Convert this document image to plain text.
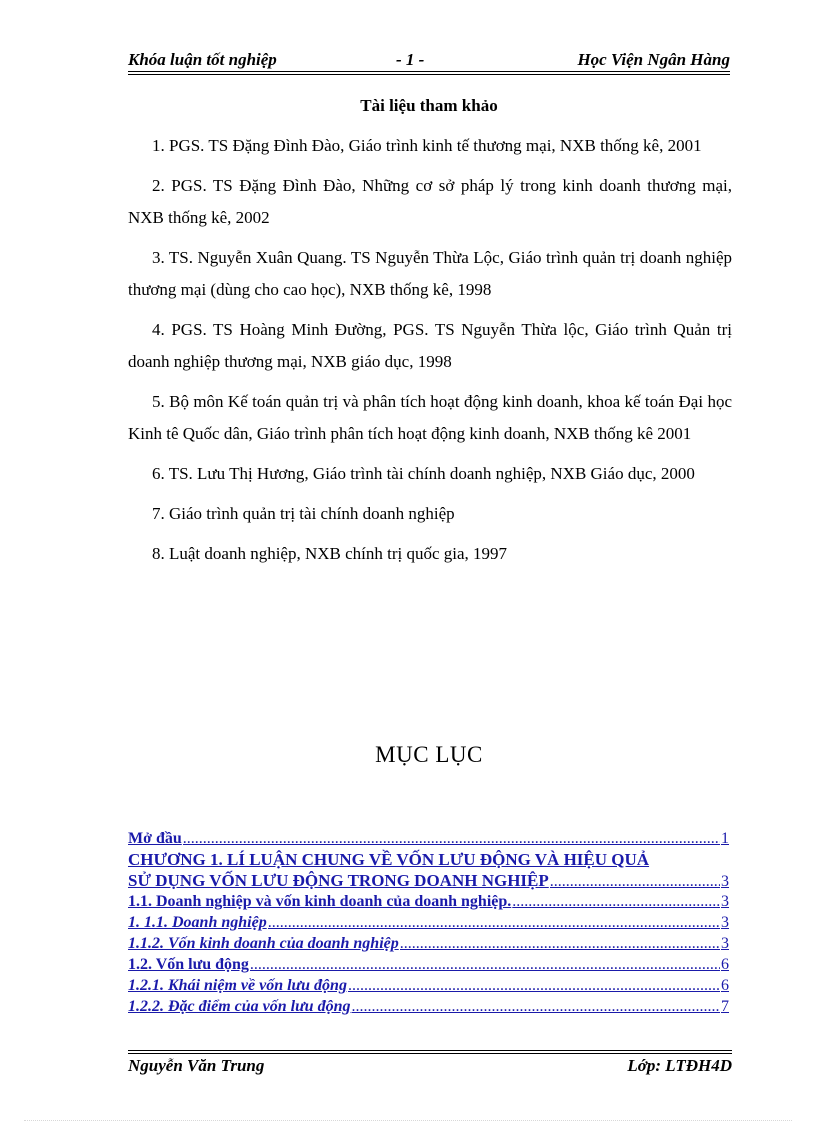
Khóa luận tốt nghiệp	- 1 -	Học Viện Ngân Hàng
Tài liệu tham khảo

1. PGS. TS Đặng Đình Đào, Giáo trình kinh tế thương mại, NXB thống kê, 2001

2. PGS. TS Đặng Đình Đào, Những cơ sở pháp lý trong kinh doanh thương mại, NXB thống kê, 2002

3. TS. Nguyễn Xuân Quang. TS Nguyễn Thừa Lộc, Giáo trình quản trị doanh nghiệp thương mại (dùng cho cao học), NXB thống kê, 1998

4. PGS. TS Hoàng Minh Đường, PGS. TS Nguyễn Thừa lộc, Giáo trình Quản trị doanh nghiệp thương mại, NXB giáo dục, 1998

5. Bộ môn Kế toán quản trị và phân tích hoạt động kinh doanh, khoa kế toán Đại học Kinh tê Quốc dân, Giáo trình phân tích hoạt động kinh doanh, NXB thống kê 2001

6. TS. Lưu Thị Hương, Giáo trình tài chính doanh nghiệp, NXB Giáo dục, 2000

7. Giáo trình quản trị tài chính doanh nghiệp

8. Luật doanh nghiệp, NXB chính trị quốc gia, 1997

MỤC LỤC
Mở đầu .....	1
CHƯƠNG 1. LÍ LUẬN CHUNG VỀ VỐN LƯU ĐỘNG VÀ HIỆU QUẢ
SỬ DỤNG VỐN LƯU ĐỘNG TRONG DOANH NGHIỆP .....	3
1.1. Doanh nghiệp và vốn kinh doanh của doanh nghiệp. .....	3
1. 1.1. Doanh nghiệp .....	3
1.1.2. Vốn kinh doanh của doanh nghiệp .....	3
1.2. Vốn lưu động .....	6
1.2.1. Khái niệm về vốn lưu động .....	6
1.2.2. Đặc điểm của vốn lưu động .....	7
Nguyễn Văn Trung	Lớp: LTĐH4D
